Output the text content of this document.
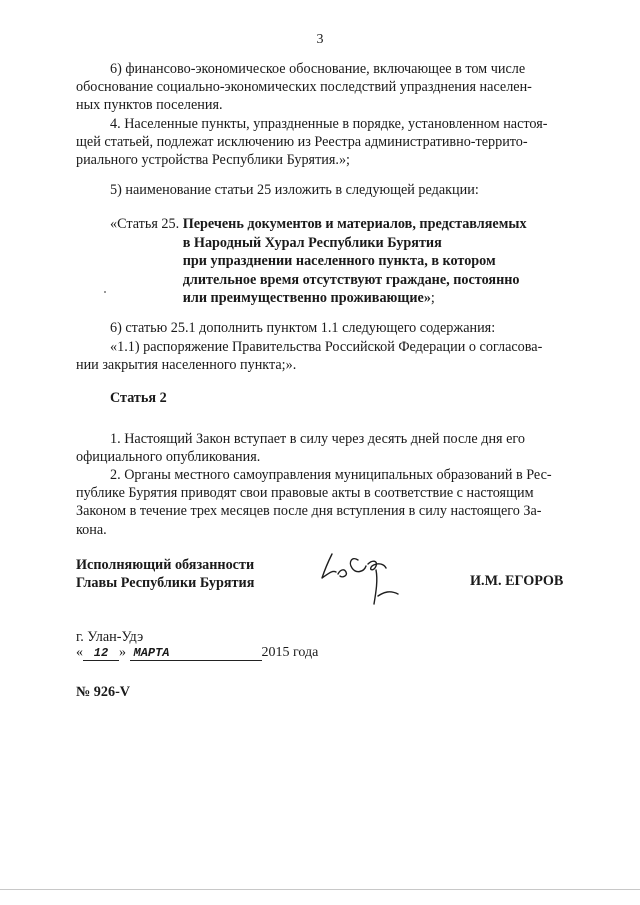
3
6) финансово-экономическое обоснование, включающее в том числе
обоснование социально-экономических последствий упразднения населен-
ных пунктов поселения.
4. Населенные пункты, упраздненные в порядке, установленном настоя-
щей статьей, подлежат исключению из Реестра административно-террито-
риального устройства Республики Бурятия.»;
5) наименование статьи 25 изложить в следующей редакции:
«Статья 25. Перечень документов и материалов, представляемых
в Народный Хурал Республики Бурятия
при упразднении населенного пункта, в котором
длительное время отсутствуют граждане, постоянно
или преимущественно проживающие»;
6) статью 25.1 дополнить пунктом 1.1 следующего содержания:
«1.1) распоряжение Правительства Российской Федерации о согласова-
нии закрытия населенного пункта;».
Статья 2
1. Настоящий Закон вступает в силу через десять дней после дня его
официального опубликования.
2. Органы местного самоуправления муниципальных образований в Рес-
публике Бурятия приводят свои правовые акты в соответствие с настоящим
Законом в течение трех месяцев после дня вступления в силу настоящего За-
кона.
Исполняющий обязанности
Главы Республики Бурятия	И.М. ЕГОРОВ
г. Улан-Удэ
« 12 » МАРТА	2015 года
№ 926-V
